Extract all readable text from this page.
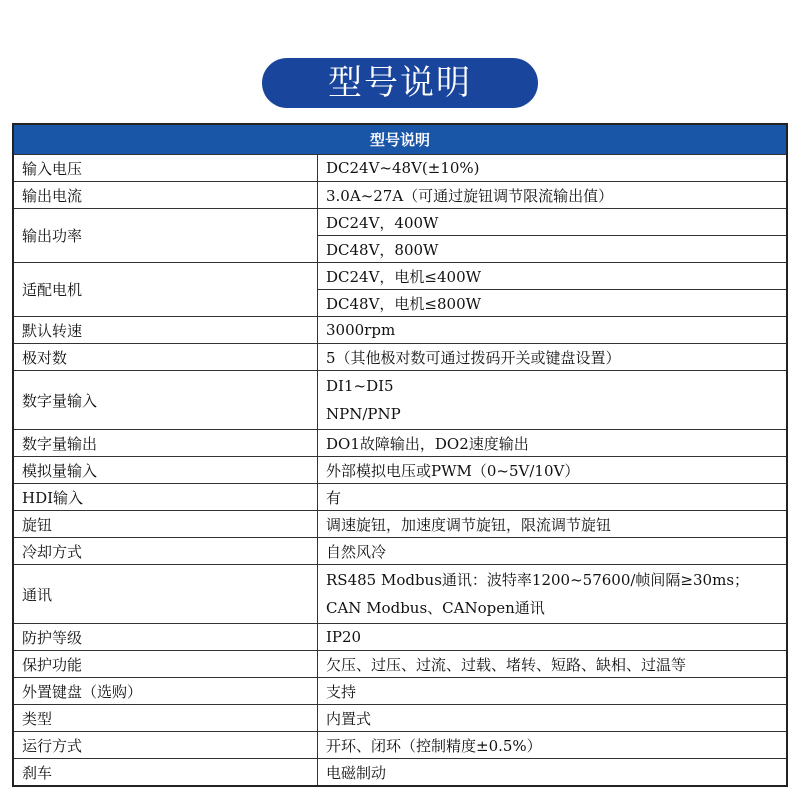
型号说明
型号说明	
输入电压	DC24V~48V(±10%)
输出电流	3.0A~27A（可通过旋钮调节限流输出值）
输出功率	DC24V，400W
	DC48V，800W
适配电机	DC24V，电机≤400W
	DC48V，电机≤800W
默认转速	3000rpm
极对数	5（其他极对数可通过拨码开关或键盘设置）
数字量输入	DI1~DI5
NPN/PNP

数字量输出	DO1故障输出，DO2速度输出
模拟量输入	外部模拟电压或PWM（0~5V/10V）
HDI输入	有
旋钮	调速旋钮，加速度调节旋钮，限流调节旋钮
冷却方式	自然风冷
通讯	RS485 Modbus通讯：波特率1200~57600/帧间隔≥30ms；
CAN Modbus、CANopen通讯

防护等级	IP20
保护功能	欠压、过压、过流、过载、堵转、短路、缺相、过温等
外置键盘（选购）	支持
类型	内置式
运行方式	开环、闭环（控制精度±0.5%）
刹车	电磁制动
